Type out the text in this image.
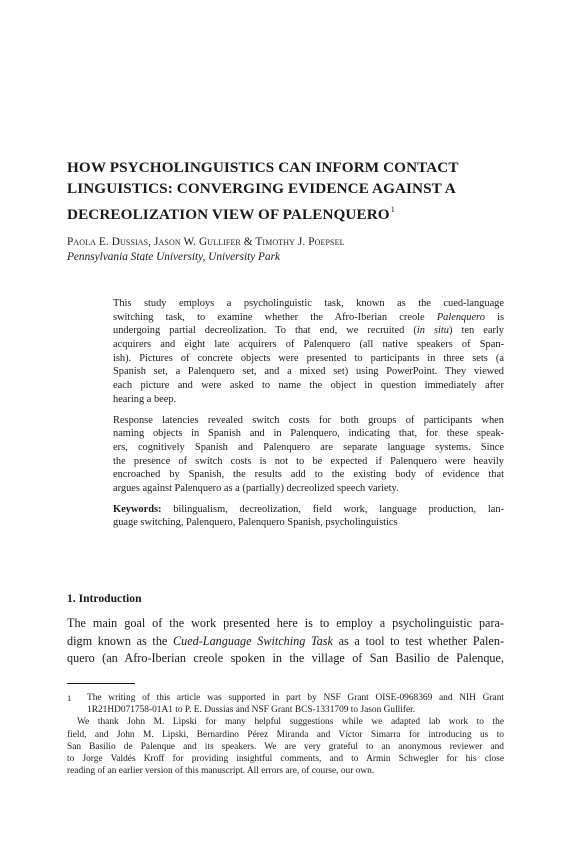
HOW PSYCHOLINGUISTICS CAN INFORM CONTACT
LINGUISTICS: CONVERGING EVIDENCE AGAINST A
DECREOLIZATION VIEW OF PALENQUERO$^1$
Paola E. Dussias, Jason W. Gullifer & Timothy J. Poepsel
Pennsylvania State University, University Park

This study employs a psycholinguistic task, known as the cued-language
switching task, to examine whether the Afro-Iberian creole Palenquero is
undergoing partial decreolization. To that end, we recruited (in situ) ten early
acquirers and eight late acquirers of Palenquero (all native speakers of Span-
ish). Pictures of concrete objects were presented to participants in three sets (a
Spanish set, a Palenquero set, and a mixed set) using PowerPoint. They viewed
each picture and were asked to name the object in question immediately after
hearing a beep.

Response latencies revealed switch costs for both groups of participants when
naming objects in Spanish and in Palenquero, indicating that, for these speak-
ers, cognitively Spanish and Palenquero are separate language systems. Since
the presence of switch costs is not to be expected if Palenquero were heavily
encroached by Spanish, the results add to the existing body of evidence that
argues against Palenquero as a (partially) decreolized speech variety.

Keywords: bilingualism, decreolization, field work, language production, lan-
guage switching, Palenquero, Palenquero Spanish, psycholinguistics

1. Introduction
The main goal of the work presented here is to employ a psycholinguistic para-
digm known as the Cued-Language Switching Task as a tool to test whether Palen-
quero (an Afro-Iberian creole spoken in the village of San Basilio de Palenque,
1 The writing of this article was supported in part by NSF Grant OISE-0968369 and NIH Grant
1R21HD071758-01A1 to P. E. Dussias and NSF Grant BCS-1331709 to Jason Gullifer.
We thank John M. Lipski for many helpful suggestions while we adapted lab work to the
field, and John M. Lipski, Bernardino Pérez Miranda and Víctor Simarra for introducing us to
San Basilio de Palenque and its speakers. We are very grateful to an anonymous reviewer and
to Jorge Valdés Kroff for providing insightful comments, and to Armin Schwegler for his close
reading of an earlier version of this manuscript. All errors are, of course, our own.
